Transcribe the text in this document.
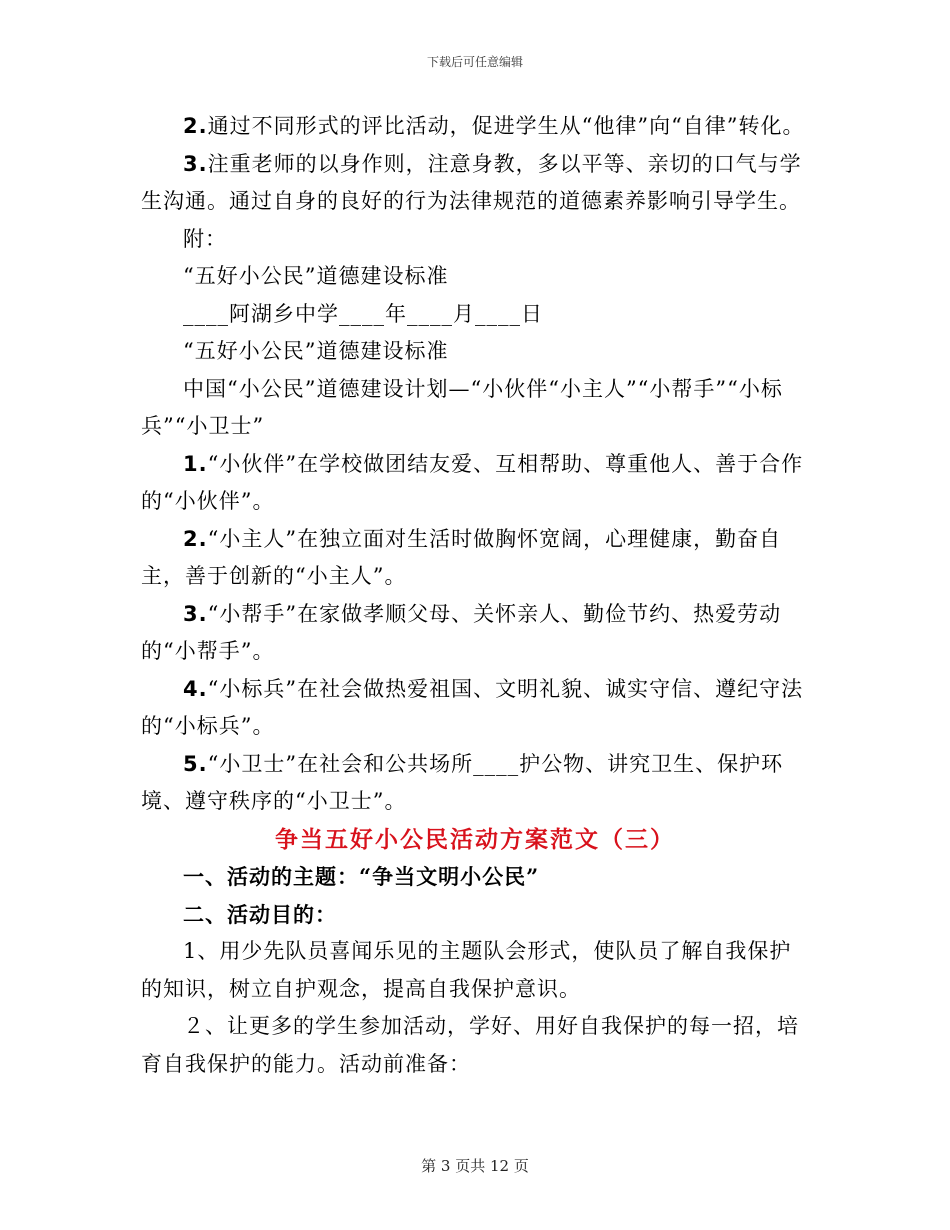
下载后可任意编辑

2.通过不同形式的评比活动，促进学生从“他律”向“自律”转化。

3.注重老师的以身作则，注意身教，多以平等、亲切的口气与学生沟通。通过自身的良好的行为法律规范的道德素养影响引导学生。

附：

“五好小公民”道德建设标准

____阿湖乡中学____年____月____日

“五好小公民”道德建设标准

中国“小公民”道德建设计划—“小伙伴“小主人”“小帮手”“小标兵”“小卫士”

1.“小伙伴”在学校做团结友爱、互相帮助、尊重他人、善于合作的“小伙伴”。

2.“小主人”在独立面对生活时做胸怀宽阔，心理健康，勤奋自主，善于创新的“小主人”。

3.“小帮手”在家做孝顺父母、关怀亲人、勤俭节约、热爱劳动的“小帮手”。

4.“小标兵”在社会做热爱祖国、文明礼貌、诚实守信、遵纪守法的“小标兵”。

5.“小卫士”在社会和公共场所____护公物、讲究卫生、保护环境、遵守秩序的“小卫士”。

争当五好小公民活动方案范文（三）

一、活动的主题：“争当文明小公民”

二、活动目的：

1、用少先队员喜闻乐见的主题队会形式，使队员了解自我保护的知识，树立自护观念，提高自我保护意识。

２、让更多的学生参加活动，学好、用好自我保护的每一招，培育自我保护的能力。活动前准备：

第 3 页共 12 页
